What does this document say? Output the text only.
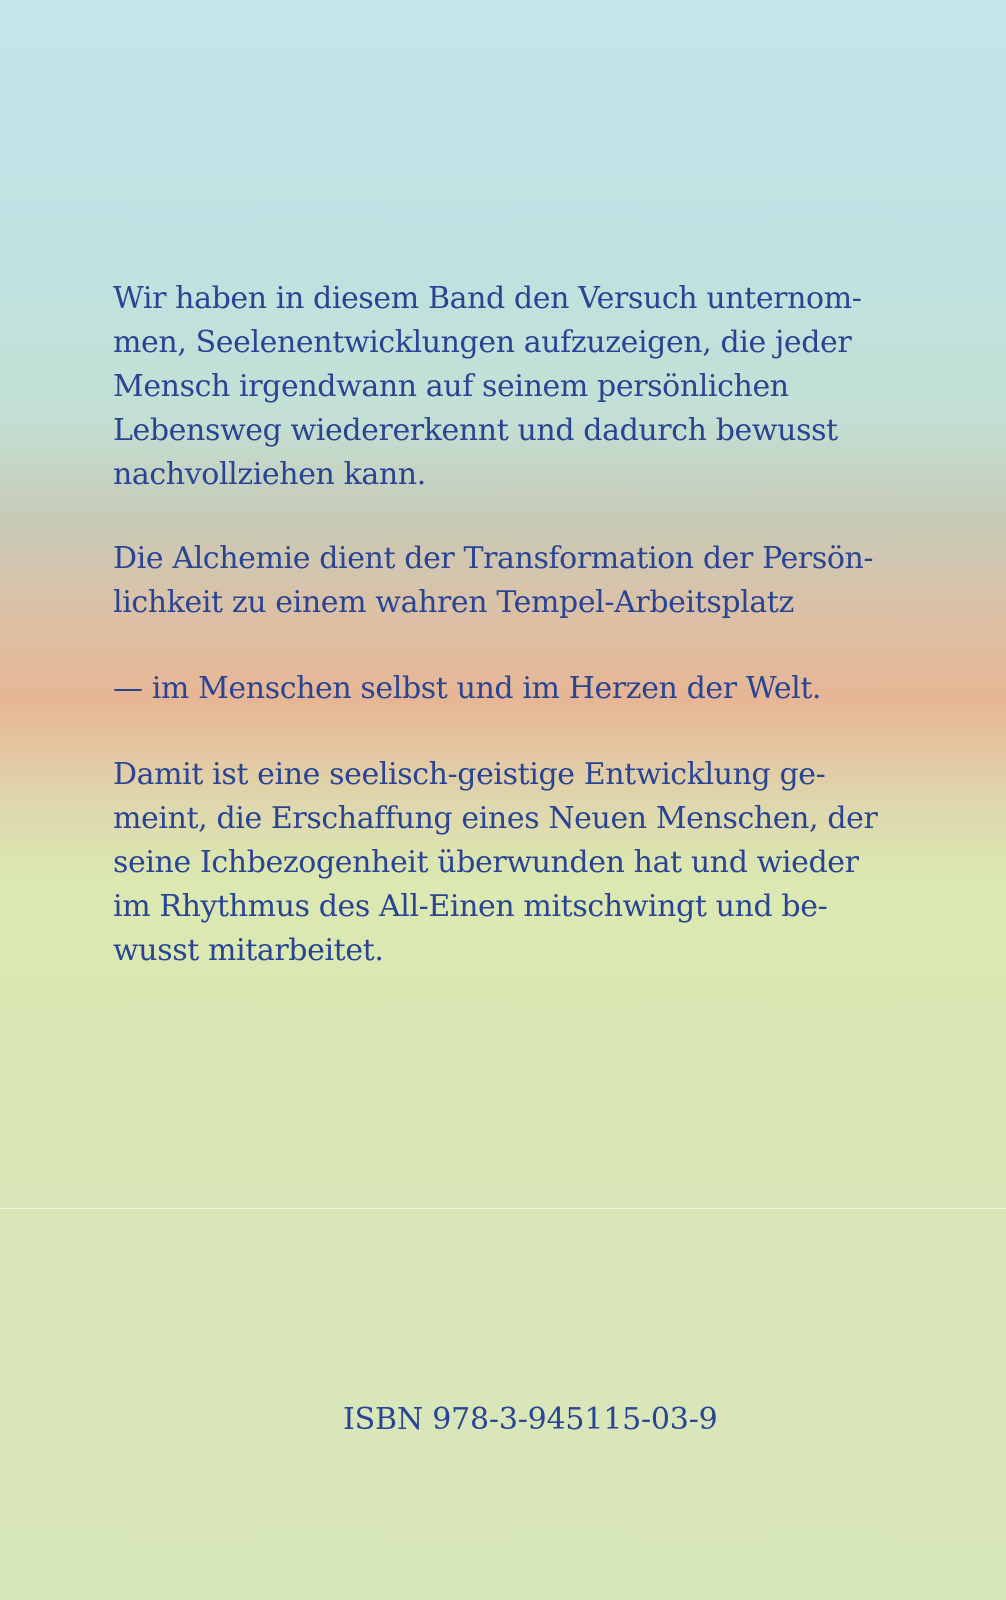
Wir haben in diesem Band den Versuch unternom-
men, Seelenentwicklungen aufzuzeigen, die jeder
Mensch irgendwann auf seinem persönlichen
Lebensweg wiedererkennt und dadurch bewusst
nachvollziehen kann.
Die Alchemie dient der Transformation der Persön-
lichkeit zu einem wahren Tempel-Arbeitsplatz
— im Menschen selbst und im Herzen der Welt.
Damit ist eine seelisch-geistige Entwicklung ge-
meint, die Erschaffung eines Neuen Menschen, der
seine Ichbezogenheit überwunden hat und wieder
im Rhythmus des All-Einen mitschwingt und be-
wusst mitarbeitet.
ISBN 978-3-945115-03-9
